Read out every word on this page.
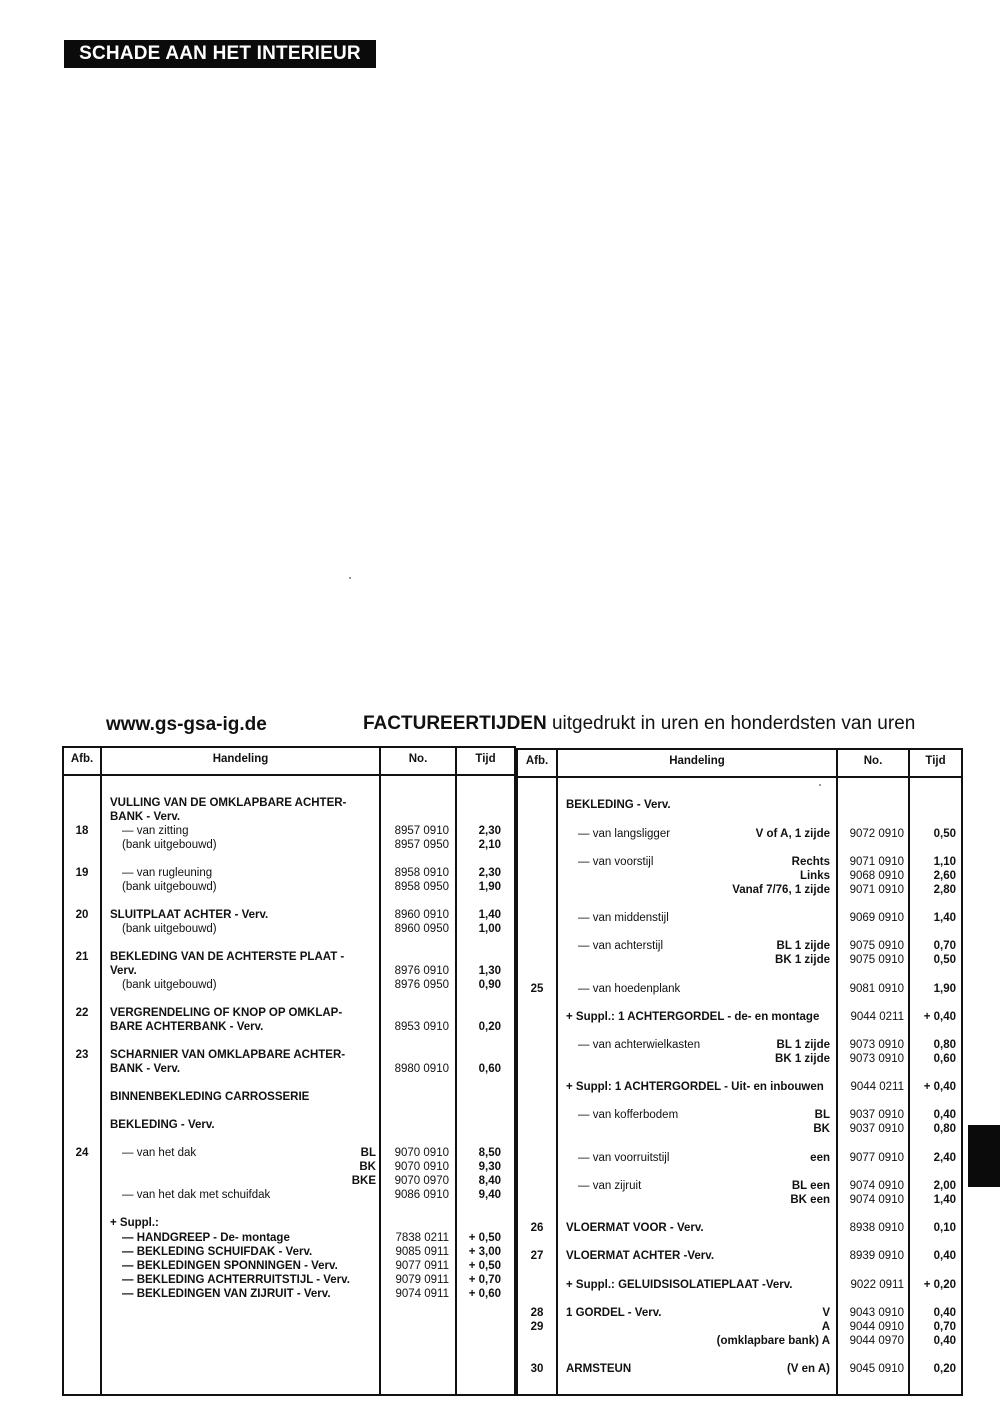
SCHADE AAN HET INTERIEUR
www.gs-gsa-ig.de	FACTUREERTIJDEN uitgedrukt in uren en honderdsten van uren
Afb.	Handeling	No.	Tijd
VULLING VAN DE OMKLAPBARE ACHTER-
BANK - Verv.
18	— van zitting	8957 0910	2,30
(bank uitgebouwd)	8957 0950	2,10
19	— van rugleuning	8958 0910	2,30
(bank uitgebouwd)	8958 0950	1,90
20	SLUITPLAAT ACHTER - Verv.	8960 0910	1,40
(bank uitgebouwd)	8960 0950	1,00
21	BEKLEDING VAN DE ACHTERSTE PLAAT -
Verv.	8976 0910	1,30
(bank uitgebouwd)	8976 0950	0,90
22	VERGRENDELING OF KNOP OP OMKLAP-
BARE ACHTERBANK - Verv.	8953 0910	0,20
23	SCHARNIER VAN OMKLAPBARE ACHTER-
BANK - Verv.	8980 0910	0,60
BINNENBEKLEDING CARROSSERIE
BEKLEDING - Verv.
24	— van het dak	BL	9070 0910	8,50
BK	9070 0910	9,30
BKE	9070 0970	8,40
— van het dak met schuifdak	9086 0910	9,40
+ Suppl.:
— HANDGREEP - De- montage	7838 0211	+ 0,50
— BEKLEDING SCHUIFDAK - Verv.	9085 0911	+ 3,00
— BEKLEDINGEN SPONNINGEN - Verv.	9077 0911	+ 0,50
— BEKLEDING ACHTERRUITSTIJL - Verv.	9079 0911	+ 0,70
— BEKLEDINGEN VAN ZIJRUIT - Verv.	9074 0911	+ 0,60
Afb.	Handeling	No.	Tijd
BEKLEDING - Verv.
— van langsligger	V of A, 1 zijde	9072 0910	0,50
— van voorstijl	Rechts	9071 0910	1,10
Links	9068 0910	2,60
Vanaf 7/76, 1 zijde	9071 0910	2,80
— van middenstijl	9069 0910	1,40
— van achterstijl	BL 1 zijde	9075 0910	0,70
BK 1 zijde	9075 0910	0,50
25	— van hoedenplank	9081 0910	1,90
+ Suppl.: 1 ACHTERGORDEL - de- en montage	9044 0211	+ 0,40
— van achterwielkasten	BL 1 zijde	9073 0910	0,80
BK 1 zijde	9073 0910	0,60
+ Suppl: 1 ACHTERGORDEL - Uit- en inbouwen	9044 0211	+ 0,40
— van kofferbodem	BL	9037 0910	0,40
BK	9037 0910	0,80
— van voorruitstijl	een	9077 0910	2,40
— van zijruit	BL een	9074 0910	2,00
BK een	9074 0910	1,40
26	VLOERMAT VOOR - Verv.	8938 0910	0,10
27	VLOERMAT ACHTER -Verv.	8939 0910	0,40
+ Suppl.: GELUIDSISOLATIEPLAAT -Verv.	9022 0911	+ 0,20
28	1 GORDEL - Verv.	V	9043 0910	0,40
29	A	9044 0910	0,70
(omklapbare bank) A	9044 0970	0,40
30	ARMSTEUN	(V en A)	9045 0910	0,20
